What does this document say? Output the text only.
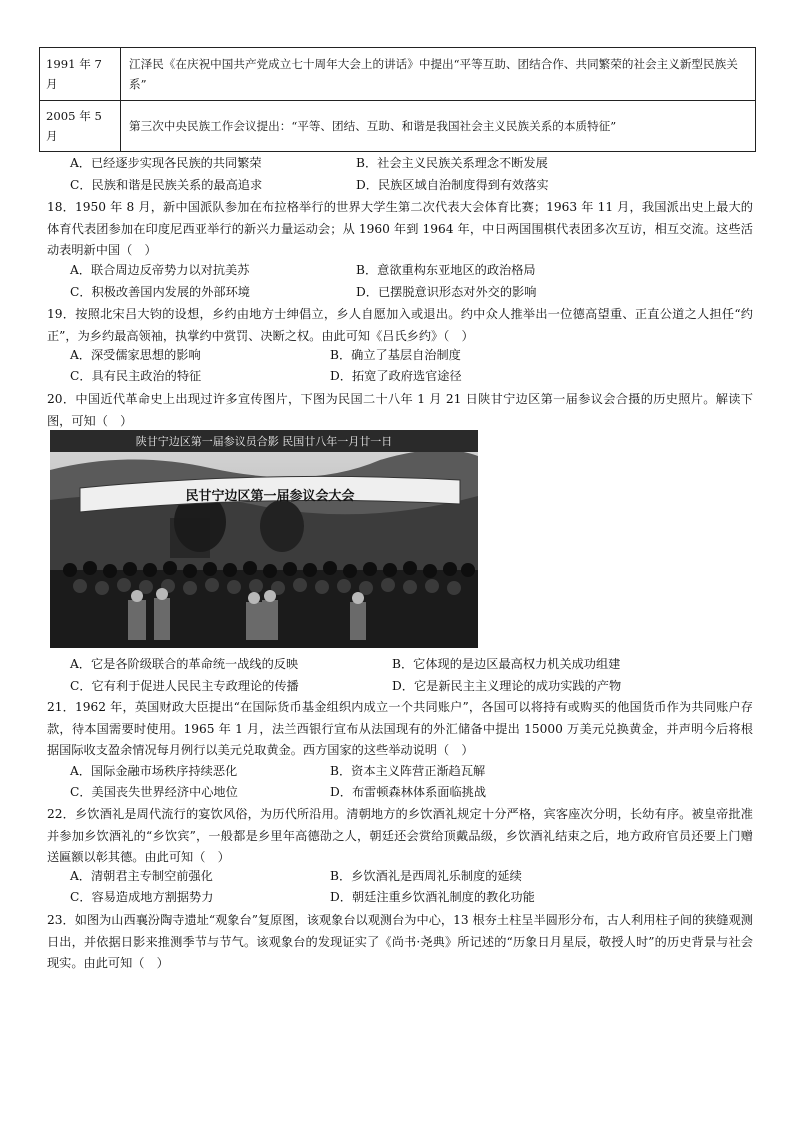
1991 年 7 月	江泽民《在庆祝中国共产党成立七十周年大会上的讲话》中提出“平等互助、团结合作、共同繁荣的社会主义新型民族关系”
2005 年 5 月	第三次中央民族工作会议提出：“平等、团结、互助、和谐是我国社会主义民族关系的本质特征”
A．已经逐步实现各民族的共同繁荣	B．社会主义民族关系理念不断发展
C．民族和谐是民族关系的最高追求	D．民族区域自治制度得到有效落实
18．1950 年 8 月，新中国派队参加在布拉格举行的世界大学生第二次代表大会体育比赛；1963 年 11 月，我国派出史上最大的体育代表团参加在印度尼西亚举行的新兴力量运动会；从 1960 年到 1964 年，中日两国围棋代表团多次互访，相互交流。这些活动表明新中国（　）
A．联合周边反帝势力以对抗美苏	B．意欲重构东亚地区的政治格局
C．积极改善国内发展的外部环境	D．已摆脱意识形态对外交的影响
19．按照北宋吕大钧的设想，乡约由地方士绅倡立，乡人自愿加入或退出。约中众人推举出一位德高望重、正直公道之人担任“约正”，为乡约最高领袖，执掌约中赏罚、决断之权。由此可知《吕氏乡约》（　）
A．深受儒家思想的影响	B．确立了基层自治制度
C．具有民主政治的特征	D．拓宽了政府选官途径
20．中国近代革命史上出现过许多宣传图片，下图为民国二十八年 1 月 21 日陕甘宁边区第一届参议会合摄的历史照片。解读下图，可知（　）
陕甘宁边区第一届参议员合影 民国廿八年一月廿一日
民甘宁边区第一届参议会大会
A．它是各阶级联合的革命统一战线的反映	B．它体现的是边区最高权力机关成功组建
C．它有利于促进人民民主专政理论的传播	D．它是新民主主义理论的成功实践的产物
21．1962 年，英国财政大臣提出“在国际货币基金组织内成立一个共同账户”，各国可以将持有或购买的他国货币作为共同账户存款，待本国需要时使用。1965 年 1 月，法兰西银行宣布从法国现有的外汇储备中提出 15000 万美元兑换黄金，并声明今后将根据国际收支盈余情况每月例行以美元兑取黄金。西方国家的这些举动说明（　）
A．国际金融市场秩序持续恶化	B．资本主义阵营正渐趋瓦解
C．美国丧失世界经济中心地位	D．布雷顿森林体系面临挑战
22．乡饮酒礼是周代流行的宴饮风俗，为历代所沿用。清朝地方的乡饮酒礼规定十分严格，宾客座次分明，长幼有序。被皇帝批准并参加乡饮酒礼的“乡饮宾”，一般都是乡里年高德劭之人，朝廷还会赏给顶戴品级，乡饮酒礼结束之后，地方政府官员还要上门赠送匾额以彰其德。由此可知（　）
A．清朝君主专制空前强化	B．乡饮酒礼是西周礼乐制度的延续
C．容易造成地方割据势力	D．朝廷注重乡饮酒礼制度的教化功能
23．如图为山西襄汾陶寺遗址“观象台”复原图，该观象台以观测台为中心，13 根夯土柱呈半圆形分布，古人利用柱子间的狭缝观测日出，并依据日影来推测季节与节气。该观象台的发现证实了《尚书·尧典》所记述的“历象日月星辰，敬授人时”的历史背景与社会现实。由此可知（　）
